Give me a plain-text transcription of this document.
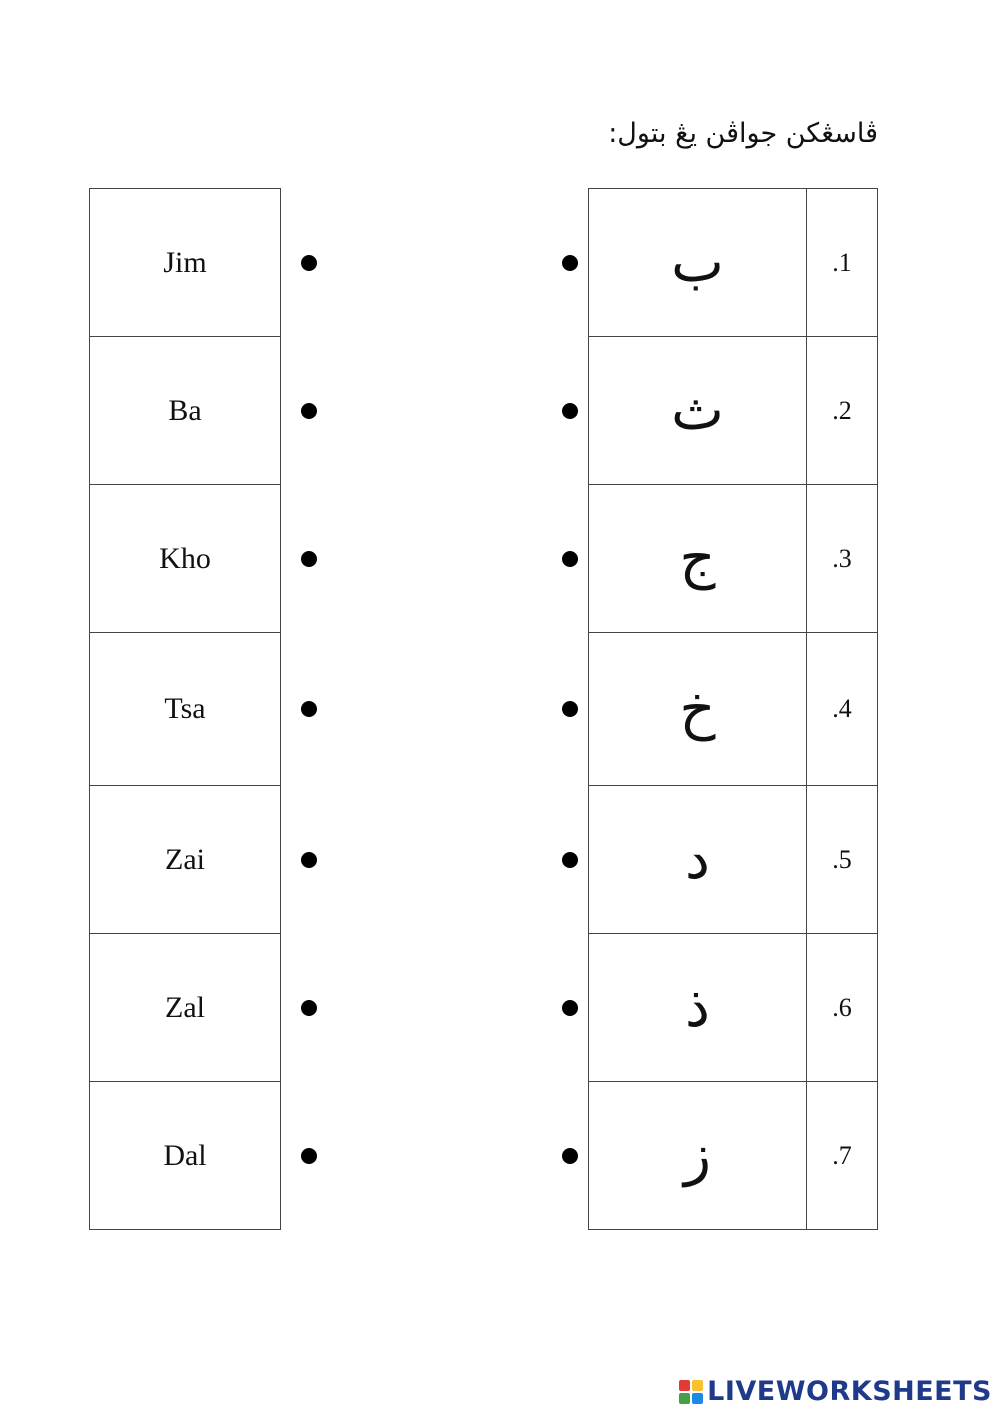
ڤاسڠکن جواڤن يڠ بتول:
Jim
Ba
Kho
Tsa
Zai
Zal
Dal
ب	.1
ث	.2
ج	.3
خ	.4
د	.5
ذ	.6
ز	.7
LIVEWORKSHEETS
